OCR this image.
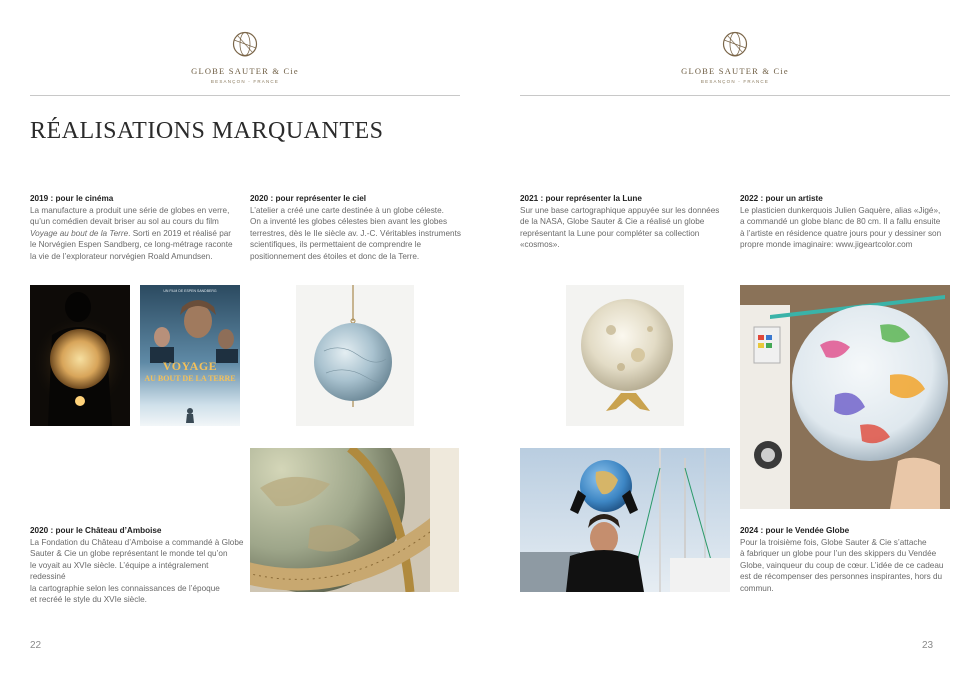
GLOBE SAUTER & Cie
BESANÇON - FRANCE
GLOBE SAUTER & Cie
BESANÇON - FRANCE
RÉALISATIONS MARQUANTES
2019 : pour le cinéma

La manufacture a produit une série de globes en verre,
qu’un comédien devait briser au sol au cours du film
Voyage au bout de la Terre. Sorti en 2019 et réalisé par
le Norvégien Espen Sandberg, ce long-métrage raconte
la vie de l’explorateur norvégien Roald Amundsen.

2020 : pour représenter le ciel

L’atelier a créé une carte destinée à un globe céleste.
On a inventé les globes célestes bien avant les globes
terrestres, dès le IIe siècle av. J.-C. Véritables instruments
scientifiques, ils permettaient de comprendre le
positionnement des étoiles et donc de la Terre.

2020 : pour le Château d’Amboise

La Fondation du Château d’Amboise a commandé à Globe
Sauter & Cie un globe représentant le monde tel qu’on
le voyait au XVIe siècle. L’équipe a intégralement redessiné
la cartographie selon les connaissances de l’époque
et recréé le style du XVIe siècle.

2021 : pour représenter la Lune

Sur une base cartographique appuyée sur les données
de la NASA, Globe Sauter & Cie a réalisé un globe
représentant la Lune pour compléter sa collection
«cosmos».

2022 : pour un artiste

Le plasticien dunkerquois Julien Gaquère, alias «Jigé»,
a commandé un globe blanc de 80 cm. Il a fallu ensuite
à l’artiste en résidence quatre jours pour y dessiner son
propre monde imaginaire: www.jigeartcolor.com

2024 : pour le Vendée Globe

Pour la troisième fois, Globe Sauter & Cie s’attache
à fabriquer un globe pour l’un des skippers du Vendée
Globe, vainqueur du coup de cœur. L’idée de ce cadeau
est de récompenser des personnes inspirantes, hors du
commun.

UN FILM DE ESPEN SANDBERG
VOYAGE
AU BOUT DE LA TERRE
22	23
